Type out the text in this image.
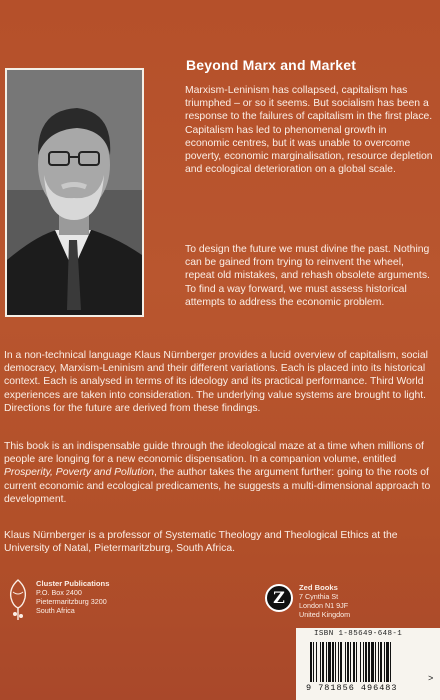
Beyond Marx and Market
Marxism-Leninism has collapsed, capitalism has triumphed – or so it seems. But socialism has been a response to the failures of capitalism in the first place. Capitalism has led to phenomenal growth in economic centres, but it was unable to overcome poverty, economic marginalisation, resource depletion and ecological deterioration on a global scale.
To design the future we must divine the past. Nothing can be gained from trying to reinvent the wheel, repeat old mistakes, and rehash obsolete arguments. To find a way forward, we must assess historical attempts to address the economic problem.
In a non-technical language Klaus Nürnberger provides a lucid overview of capitalism, social democracy, Marxism-Leninism and their different variations. Each is placed into its historical context. Each is analysed in terms of its ideology and its practical performance. Third World experiences are taken into consideration. The underlying value systems are brought to light. Directions for the future are derived from these findings.
This book is an indispensable guide through the ideological maze at a time when millions of people are longing for a new economic dispensation. In a companion volume, entitled Prosperity, Poverty and Pollution, the author takes the argument further: going to the roots of current economic and ecological predicaments, he suggests a multi-dimensional approach to development.
Klaus Nürnberger is a professor of Systematic Theology and Theological Ethics at the University of Natal, Pietermaritzburg, South Africa.
Cluster Publications
P.O. Box 2400
Pietermaritzburg 3200
South Africa
Z
Zed Books
7 Cynthia St
London N1 9JF
United Kingdom
ISBN 1-85649-648-1
9 781856 496483
>
